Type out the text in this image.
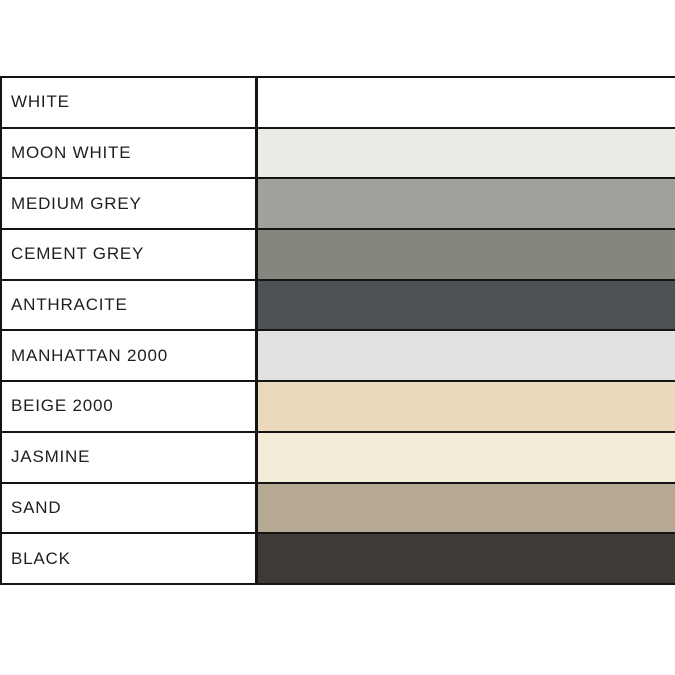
WHITE
MOON WHITE
MEDIUM GREY
CEMENT GREY
ANTHRACITE
MANHATTAN 2000
BEIGE 2000
JASMINE
SAND
BLACK
